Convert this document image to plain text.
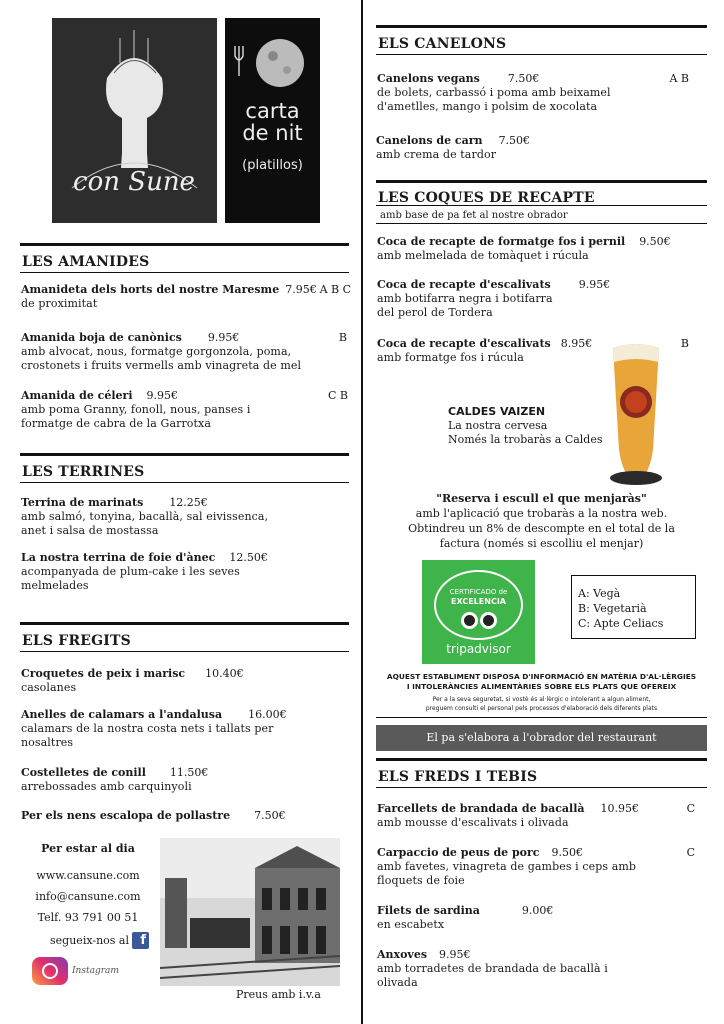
con Sune
carta
de nit
(platillos)
LES AMANIDES
Amanideta dels horts del nostre Maresme 7.95€ A B C
de proximitat
Amanida boja de canònics 9.95€	B
amb alvocat, nous, formatge gorgonzola, poma,
crostonets i fruits vermells amb vinagreta de mel
Amanida de céleri 9.95€	C B
amb poma Granny, fonoll, nous, panses i
formatge de cabra de la Garrotxa
LES TERRINES
Terrina de marinats 12.25€
amb salmó, tonyina, bacallà, sal eivissenca,
anet i salsa de mostassa
La nostra terrina de foie d'ànec 12.50€
acompanyada de plum-cake i les seves
melmelades
ELS FREGITS
Croquetes de peix i marisc 10.40€
casolanes
Anelles de calamars a l'andalusa 16.00€
calamars de la nostra costa nets i tallats per
nosaltres
Costelletes de conill 11.50€
arrebossades amb carquinyoli
Per els nens escalopa de pollastre 7.50€
Per estar al dia
www.cansune.com
info@cansune.com
Telf. 93 791 00 51
segueix-nos al f
Instagram
Preus amb i.v.a
ELS CANELONS
Canelons vegans	7.50€	A B
de bolets, carbassó i poma amb beixamel
d'ametlles, mango i polsim de xocolata
Canelons de carn 7.50€
amb crema de tardor
LES COQUES DE RECAPTE
amb base de pa fet al nostre obrador
Coca de recapte de formatge fos i pernil 9.50€
amb melmelada de tomàquet i rúcula
Coca de recapte d'escalivats	9.95€
amb botifarra negra i botifarra
del perol de Tordera
Coca de recapte d'escalivats 8.95€	B
amb formatge fos i rúcula
CALDES VAIZEN
La nostra cervesa
Només la trobaràs a Caldes
"Reserva i escull el que menjaràs"
amb l'aplicació que trobaràs a la nostra web.
Obtindreu un 8% de descompte en el total de la
factura (només si escolliu el menjar)
CERTIFICADO de
EXCELENCIA
tripadvisor
A: Vegà
B: Vegetarià
C: Apte Celiacs
AQUEST ESTABLIMENT DISPOSA D'INFORMACIÓ EN MATÈRIA D'AL·LÈRGIES
I INTOLERÀNCIES ALIMENTÀRIES SOBRE ELS PLATS QUE OFEREIX
Per a la seva seguretat, si vostè és al·lèrgic o intolerant a algun aliment,
preguem consulti el personal pels processos d'elaboració dels diferents plats
El pa s'elabora a l'obrador del restaurant
ELS FREDS I TEBIS
Farcellets de brandada de bacallà 10.95€	C
amb mousse d'escalivats i olivada
Carpaccio de peus de porc 9.50€	C
amb favetes, vinagreta de gambes i ceps amb
floquets de foie
Filets de sardina	9.00€
en escabetx
Anxoves 9.95€
amb torradetes de brandada de bacallà i
olivada
